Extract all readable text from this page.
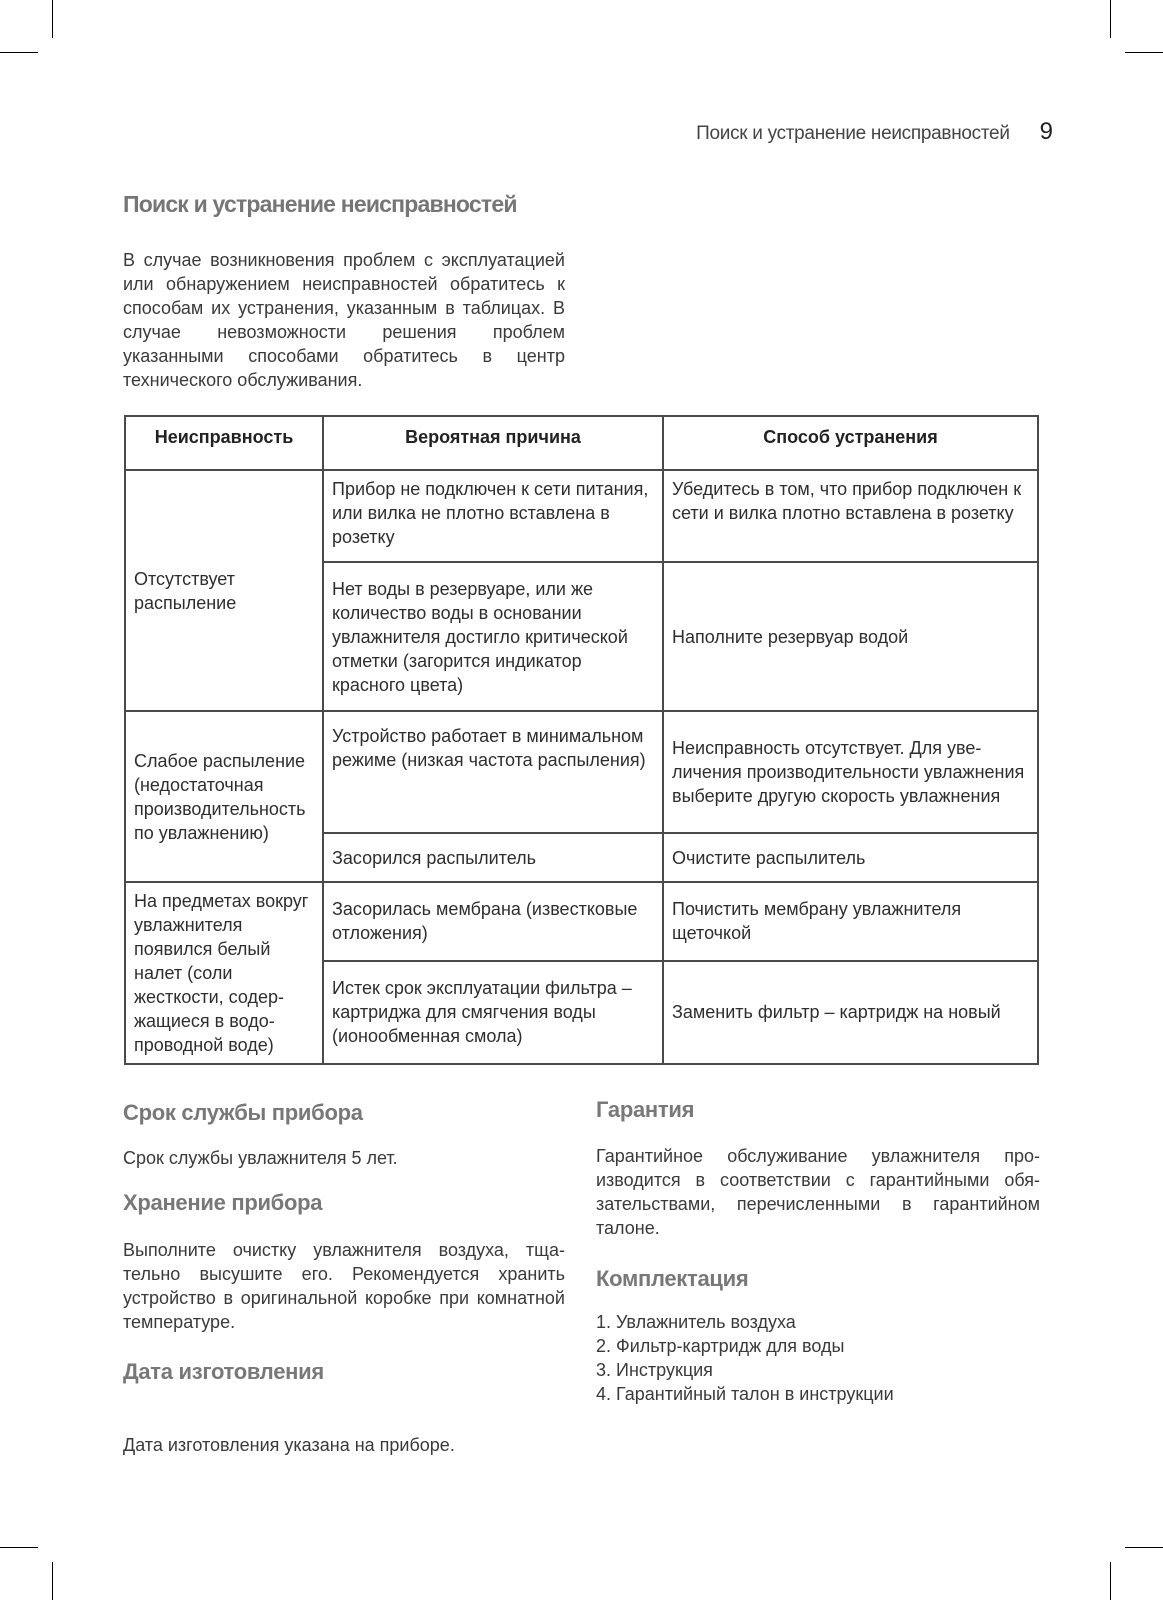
Поиск и устранение неисправностей 9
Поиск и устранение неисправностей

В случае возникновения проблем с эксплуатацией или обнаружением неисправностей обратитесь к способам их устранения, указанным в таблицах. В случае невозможности решения проблем указанными способами обратитесь в центр технического обслуживания.

Неисправность	Вероятная причина	Способ устранения
Отсутствует распыление	Прибор не подключен к сети питания, или вилка не плотно вставлена в розетку	Убедитесь в том, что прибор подключен к сети и вилка плотно вставлена в розетку
	Нет воды в резервуаре, или же количество воды в основании увлажнителя достигло критической отметки (загорится индикатор красного цвета)	Наполните резервуар водой
Слабое распыление (недостаточная производительность по увлажнению)	Устройство работает в минимальном режиме (низкая частота распыления)	Неисправность отсутствует. Для увеличения производительности увлажнения выберите другую скорость увлажнения
	Засорился распылитель	Очистите распылитель
На предметах вокруг увлажнителя появился белый налет (соли жесткости, содержащиеся в водопроводной воде)	Засорилась мембрана (известковые отложения)	Почистить мембрану увлажнителя щеточкой
	Истек срок эксплуатации фильтра – картриджа для смягчения воды (ионообменная смола)	Заменить фильтр – картридж на новый
Срок службы прибора

Срок службы увлажнителя 5 лет.

Хранение прибора

Выполните очистку увлажнителя воздуха, тщательно высушите его. Рекомендуется хранить устройство в оригинальной коробке при комнатной температуре.

Дата изготовления

Дата изготовления указана на приборе.

Гарантия

Гарантийное обслуживание увлажнителя производится в соответствии с гарантийными обязательствами, перечисленными в гарантийном талоне.

Комплектация
1. Увлажнитель воздуха
2. Фильтр-картридж для воды
3. Инструкция
4. Гарантийный талон в инструкции
